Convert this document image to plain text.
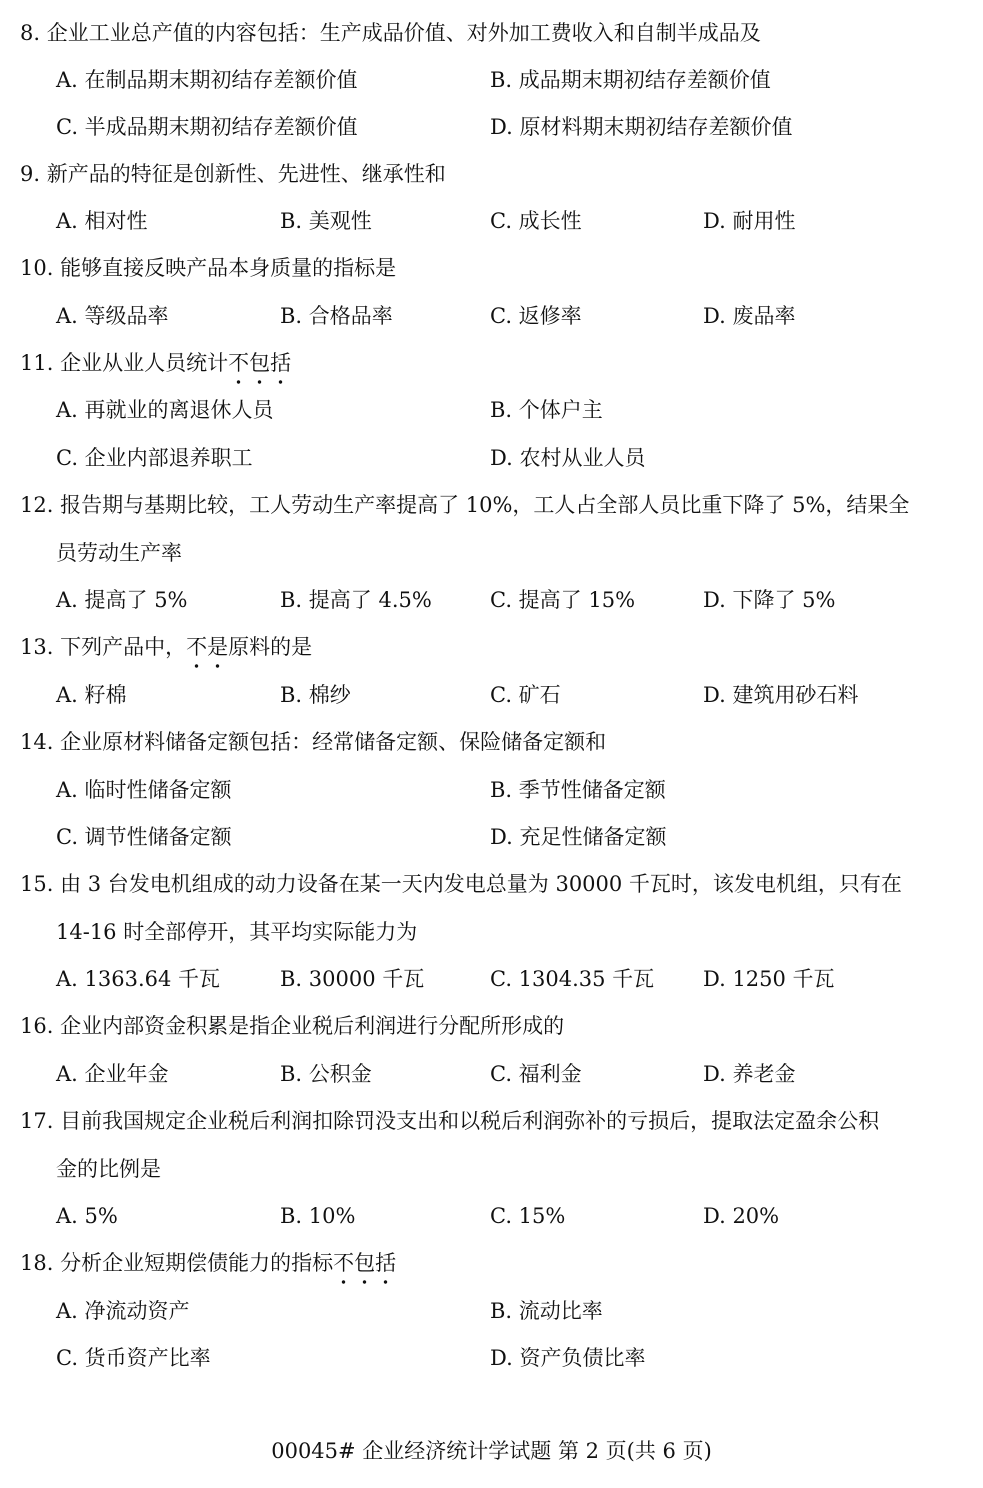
8. 企业工业总产值的内容包括：生产成品价值、对外加工费收入和自制半成品及
A. 在制品期末期初结存差额价值	B. 成品期末期初结存差额价值
C. 半成品期末期初结存差额价值	D. 原材料期末期初结存差额价值
9. 新产品的特征是创新性、先进性、继承性和
A. 相对性	B. 美观性	C. 成长性	D. 耐用性
10. 能够直接反映产品本身质量的指标是
A. 等级品率	B. 合格品率	C. 返修率	D. 废品率
11. 企业从业人员统计不包括
A. 再就业的离退休人员	B. 个体户主
C. 企业内部退养职工	D. 农村从业人员
12. 报告期与基期比较，工人劳动生产率提高了 10%，工人占全部人员比重下降了 5%，结果全
员劳动生产率
A. 提高了 5%	B. 提高了 4.5%	C. 提高了 15%	D. 下降了 5%
13. 下列产品中，不是原料的是
A. 籽棉	B. 棉纱	C. 矿石	D. 建筑用砂石料
14. 企业原材料储备定额包括：经常储备定额、保险储备定额和
A. 临时性储备定额	B. 季节性储备定额
C. 调节性储备定额	D. 充足性储备定额
15. 由 3 台发电机组成的动力设备在某一天内发电总量为 30000 千瓦时，该发电机组，只有在
14-16 时全部停开，其平均实际能力为
A. 1363.64 千瓦	B. 30000 千瓦	C. 1304.35 千瓦 D. 1250 千瓦
16. 企业内部资金积累是指企业税后利润进行分配所形成的
A. 企业年金	B. 公积金	C. 福利金	D. 养老金
17. 目前我国规定企业税后利润扣除罚没支出和以税后利润弥补的亏损后，提取法定盈余公积
金的比例是
A. 5%	B. 10%	C. 15%	D. 20%
18. 分析企业短期偿债能力的指标不包括
A. 净流动资产	B. 流动比率
C. 货币资产比率	D. 资产负债比率
00045# 企业经济统计学试题 第 2 页(共 6 页)
